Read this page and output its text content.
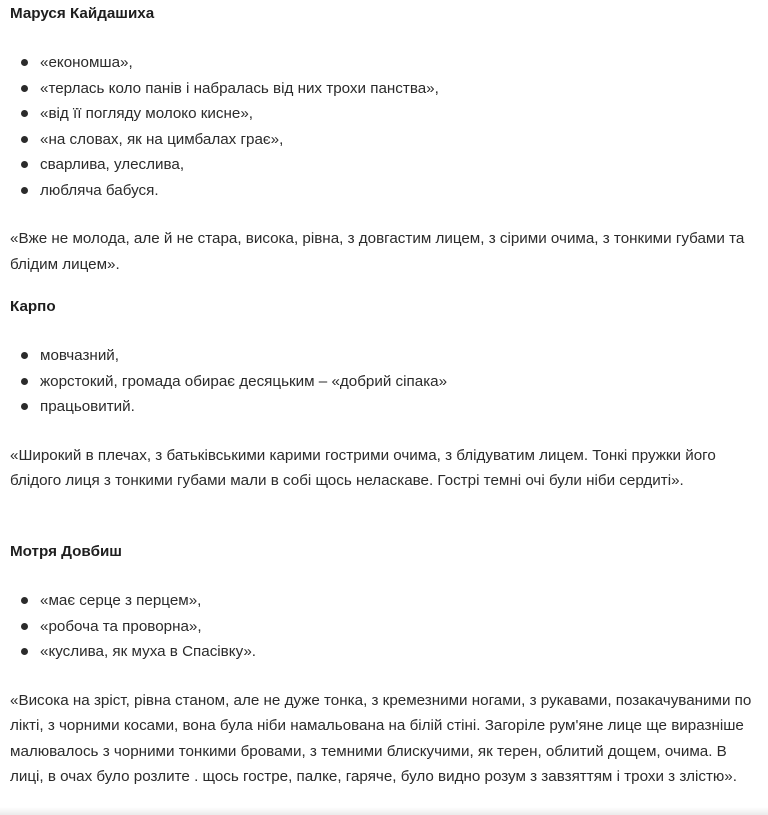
Маруся Кайдашиха
«економша»,
«терлась коло панів і набралась від них трохи панства»,
«від її погляду молоко кисне»,
«на словах, як на цимбалах грає»,
сварлива, улеслива,
любляча бабуся.

«Вже не молода, але й не стара, висока, рівна, з довгастим лицем, з сірими очима, з тонкими губами та блідим лицем».

Карпо
мовчазний,
жорстокий, громада обирає десяцьким – «добрий сіпака»
працьовитий.

«Широкий в плечах, з батьківськими карими гострими очима, з блідуватим лицем. Тонкі пружки його блідого лиця з тонкими губами мали в собі щось неласкаве. Гострі темні очі були ніби сердиті».

Мотря Довбиш
«має серце з перцем»,
«робоча та проворна»,
«куслива, як муха в Спасівку».

«Висока на зріст, рівна станом, але не дуже тонка, з кремезними ногами, з рукавами, позакачуваними по лікті, з чорними косами, вона була ніби намальована на білій стіні. Загоріле рум'яне лице ще виразніше малювалось з чорними тонкими бровами, з темними блискучими, як терен, облитий дощем, очима. В лиці, в очах було розлите . щось гостре, палке, гаряче, було видно розум з завзяттям і трохи з злістю».
